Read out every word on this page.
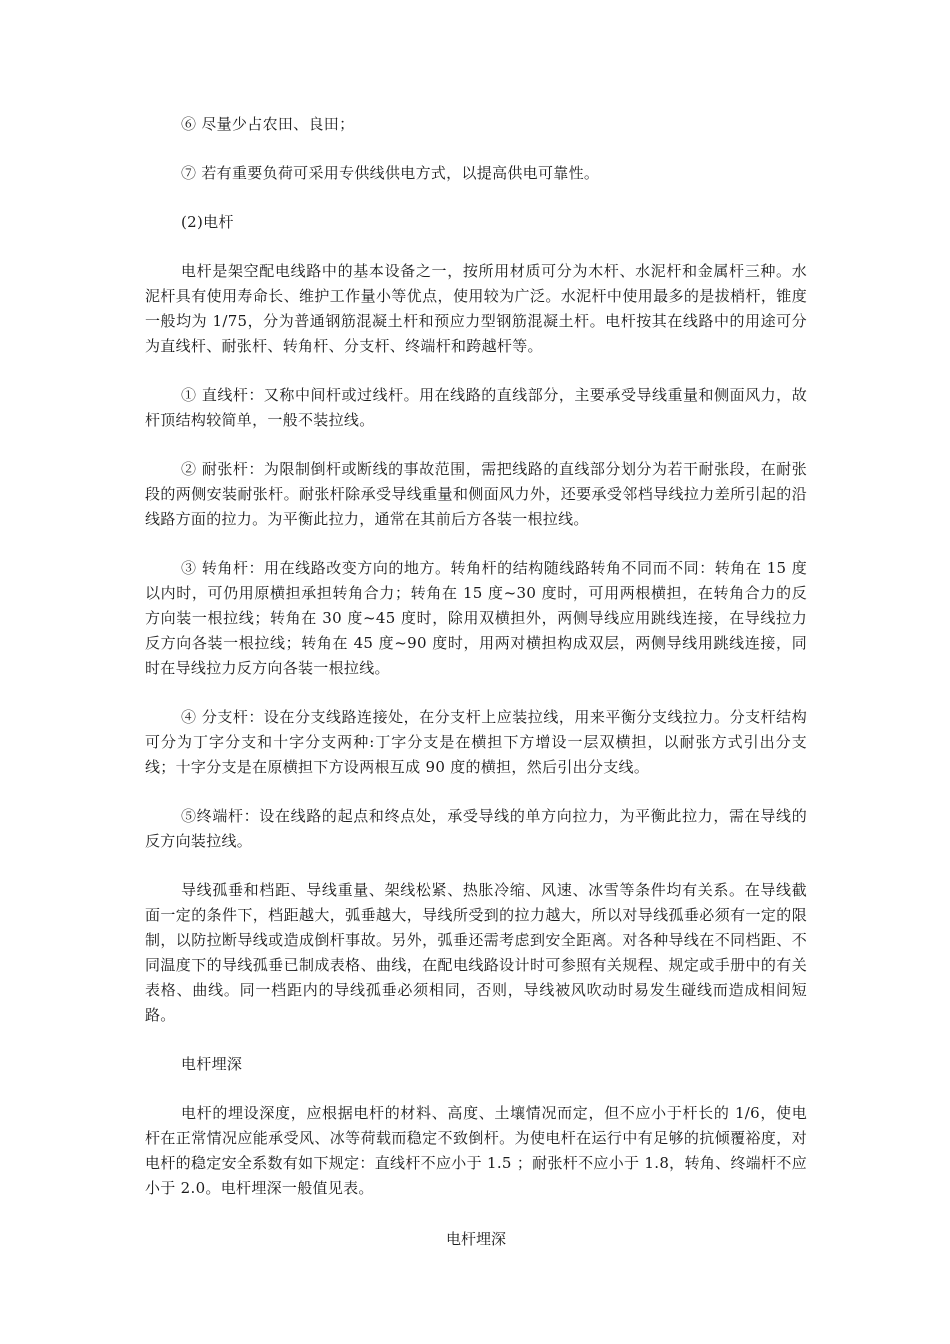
⑥ 尽量少占农田、良田；

⑦ 若有重要负荷可采用专供线供电方式，以提高供电可靠性。

(2)电杆

电杆是架空配电线路中的基本设备之一，按所用材质可分为木杆、水泥杆和金属杆三种。水泥杆具有使用寿命长、维护工作量小等优点，使用较为广泛。水泥杆中使用最多的是拔梢杆，锥度一般均为 1/75，分为普通钢筋混凝土杆和预应力型钢筋混凝土杆。电杆按其在线路中的用途可分为直线杆、耐张杆、转角杆、分支杆、终端杆和跨越杆等。

① 直线杆：又称中间杆或过线杆。用在线路的直线部分，主要承受导线重量和侧面风力，故杆顶结构较简单，一般不装拉线。

② 耐张杆：为限制倒杆或断线的事故范围，需把线路的直线部分划分为若干耐张段，在耐张段的两侧安装耐张杆。耐张杆除承受导线重量和侧面风力外，还要承受邻档导线拉力差所引起的沿线路方面的拉力。为平衡此拉力，通常在其前后方各装一根拉线。

③ 转角杆：用在线路改变方向的地方。转角杆的结构随线路转角不同而不同：转角在 15 度以内时，可仍用原横担承担转角合力；转角在 15 度~30 度时，可用两根横担，在转角合力的反方向装一根拉线；转角在 30 度~45 度时，除用双横担外，两侧导线应用跳线连接，在导线拉力反方向各装一根拉线；转角在 45 度~90 度时，用两对横担构成双层，两侧导线用跳线连接，同时在导线拉力反方向各装一根拉线。

④ 分支杆：设在分支线路连接处，在分支杆上应装拉线，用来平衡分支线拉力。分支杆结构可分为丁字分支和十字分支两种:丁字分支是在横担下方增设一层双横担，以耐张方式引出分支线；十字分支是在原横担下方设两根互成 90 度的横担，然后引出分支线。

⑤终端杆：设在线路的起点和终点处，承受导线的单方向拉力，为平衡此拉力，需在导线的反方向装拉线。

导线孤垂和档距、导线重量、架线松紧、热胀冷缩、风速、冰雪等条件均有关系。在导线截面一定的条件下，档距越大，弧垂越大，导线所受到的拉力越大，所以对导线孤垂必须有一定的限制，以防拉断导线或造成倒杆事故。另外，弧垂还需考虑到安全距离。对各种导线在不同档距、不同温度下的导线孤垂已制成表格、曲线，在配电线路设计时可参照有关规程、规定或手册中的有关表格、曲线。同一档距内的导线孤垂必须相同，否则，导线被风吹动时易发生碰线而造成相间短路。

电杆埋深

电杆的埋设深度，应根据电杆的材料、高度、土壤情况而定，但不应小于杆长的 1/6，使电杆在正常情况应能承受风、冰等荷载而稳定不致倒杆。为使电杆在运行中有足够的抗倾覆裕度，对电杆的稳定安全系数有如下规定：直线杆不应小于 1.5 ；耐张杆不应小于 1.8，转角、终端杆不应小于 2.0。电杆埋深一般值见表。

电杆埋深
